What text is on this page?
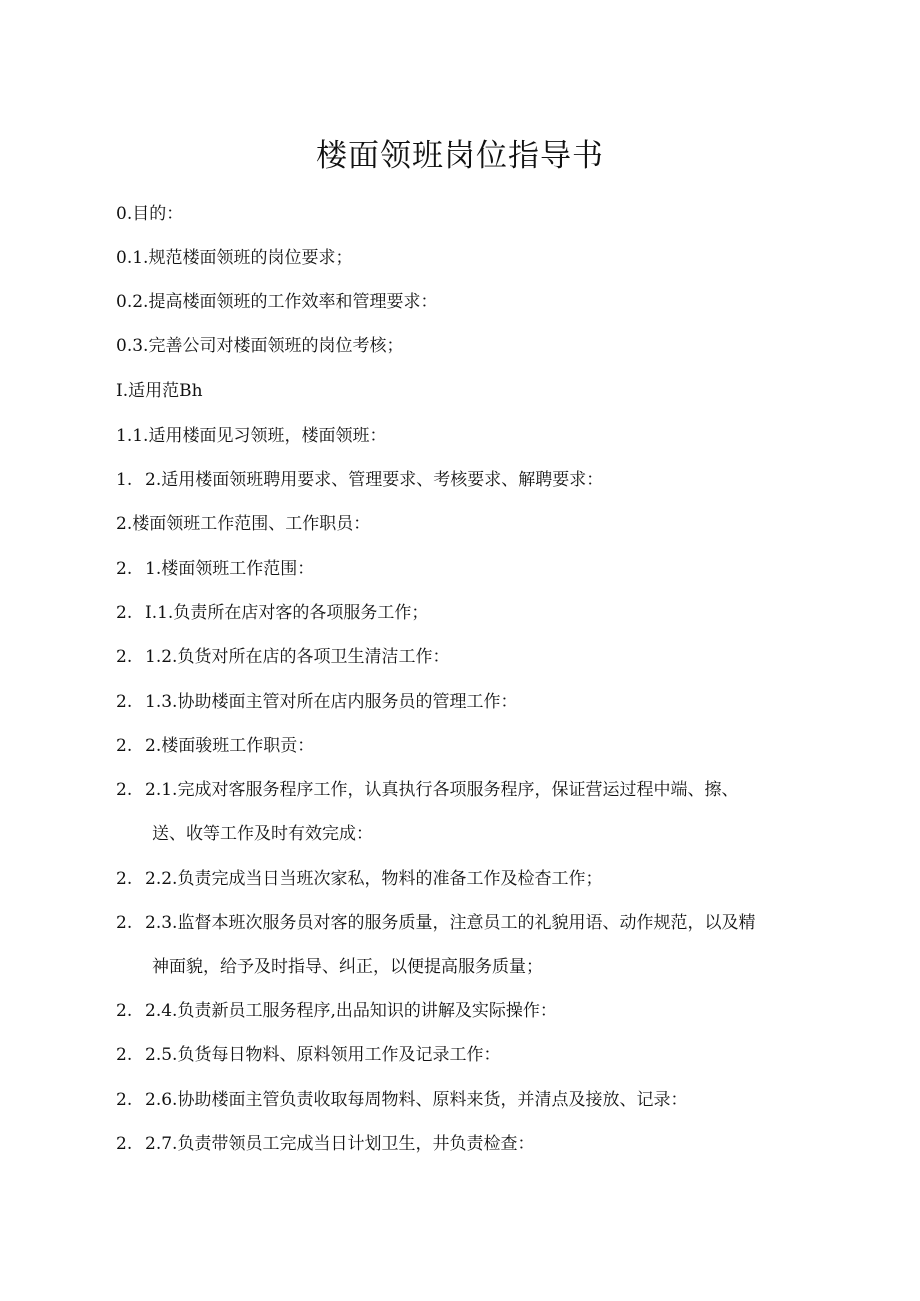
楼面领班岗位指导书
0.目的：
0.1.规范楼面领班的岗位要求；
0.2.提高楼面领班的工作效率和管理要求：
0.3.完善公司对楼面领班的岗位考核；
I.适用范Bh
1.1.适用楼面见习领班，楼面领班：
1. 2.适用楼面领班聘用要求、管理要求、考核要求、解聘要求：
2.楼面领班工作范围、工作职员：
2. 1.楼面领班工作范围：
2. I.1.负责所在店对客的各项服务工作；
2. 1.2.负货对所在店的各项卫生清洁工作：
2. 1.3.协助楼面主管对所在店内服务员的管理工作：
2. 2.楼面骏班工作职贡：
2. 2.1.完成对客服务程序工作，认真执行各项服务程序，保证营运过程中端、擦、
送、收等工作及时有效完成：
2. 2.2.负责完成当日当班次家私，物料的准备工作及检杳工作；
2. 2.3.监督本班次服务员对客的服务质量，注意员工的礼貌用语、动作规范，以及精
神面貌，给予及时指导、纠正，以便提高服务质量；
2. 2.4.负责新员工服务程序,出品知识的讲解及实际操作：
2. 2.5.负货每日物料、原料领用工作及记录工作：
2. 2.6.协助楼面主管负责收取每周物料、原料来货，并清点及接放、记录：
2. 2.7.负责带领员工完成当日计划卫生，井负责检查：
